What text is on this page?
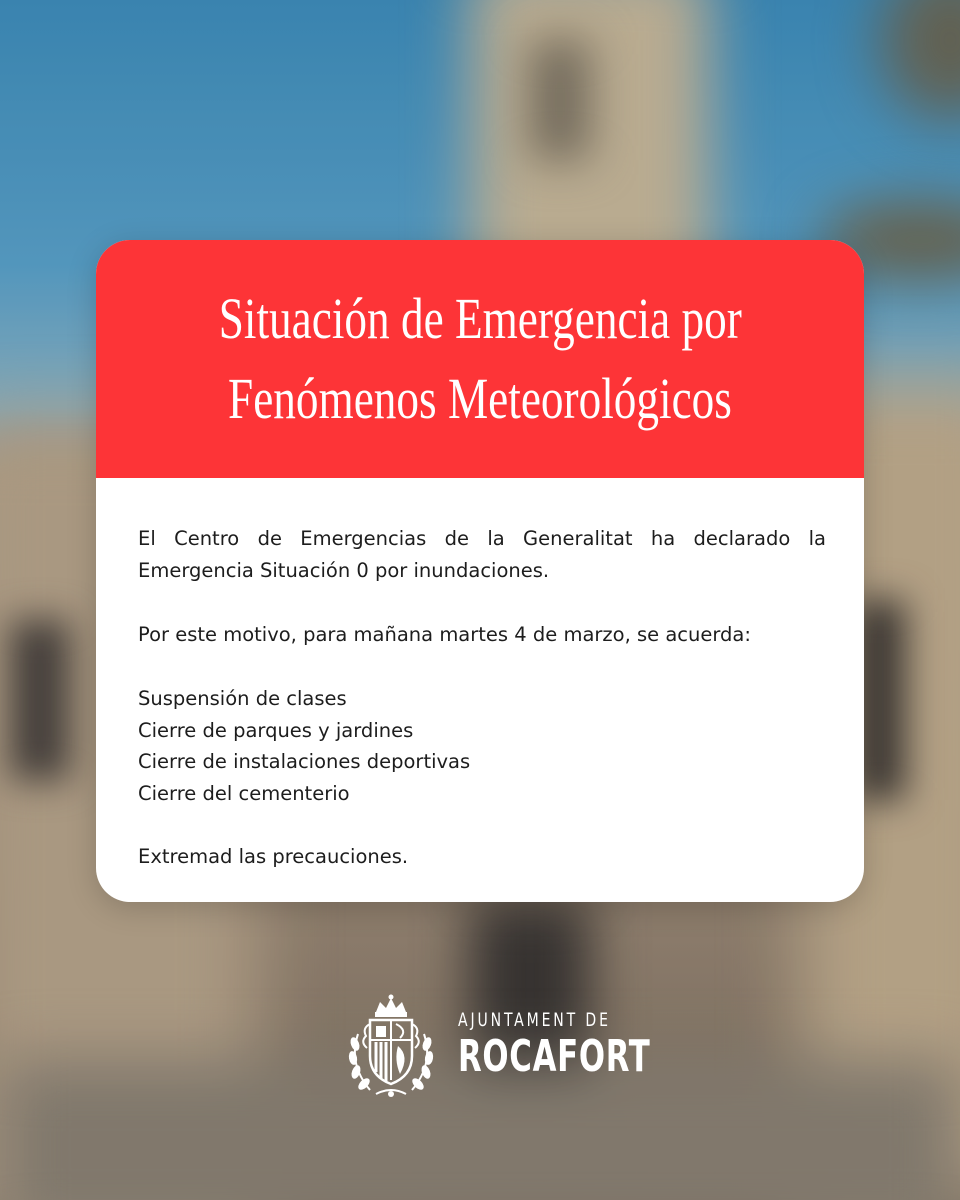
Situación de Emergencia por
Fenómenos Meteorológicos

El Centro de Emergencias de la Generalitat ha declarado la Emergencia Situación 0 por inundaciones.

Por este motivo, para mañana martes 4 de marzo, se acuerda:

Suspensión de clases

Cierre de parques y jardines

Cierre de instalaciones deportivas

Cierre del cementerio

Extremad las precauciones.

AJUNTAMENT DE
ROCAFORT
